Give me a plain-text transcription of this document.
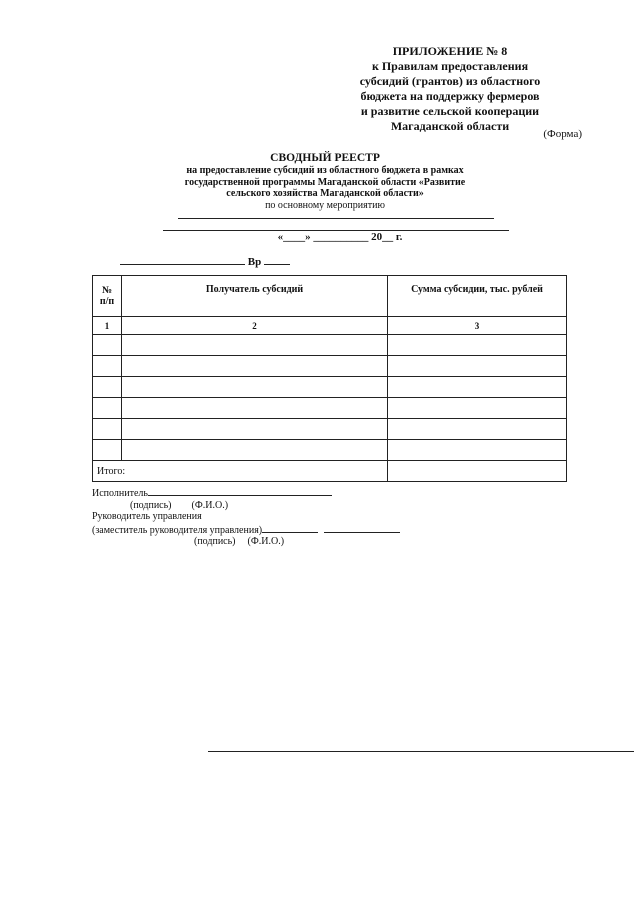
ПРИЛОЖЕНИЕ № 8
к Правилам предоставления
субсидий (грантов) из областного
бюджета на поддержку фермеров
и развитие сельской кооперации
Магаданской области
(Форма)
СВОДНЫЙ РЕЕСТР
на предоставление субсидий из областного бюджета в рамках
государственной программы Магаданской области «Развитие
сельского хозяйства Магаданской области»
по основному мероприятию
«____» __________ 20__ г.
Вр
№ п/п	Получатель субсидий	Сумма субсидии, тыс. рублей
1	2	3

Итого:		
Исполнитель
(подпись) (Ф.И.О.)
Руководитель управления
(заместитель руководителя управления)
(подпись) (Ф.И.О.)
